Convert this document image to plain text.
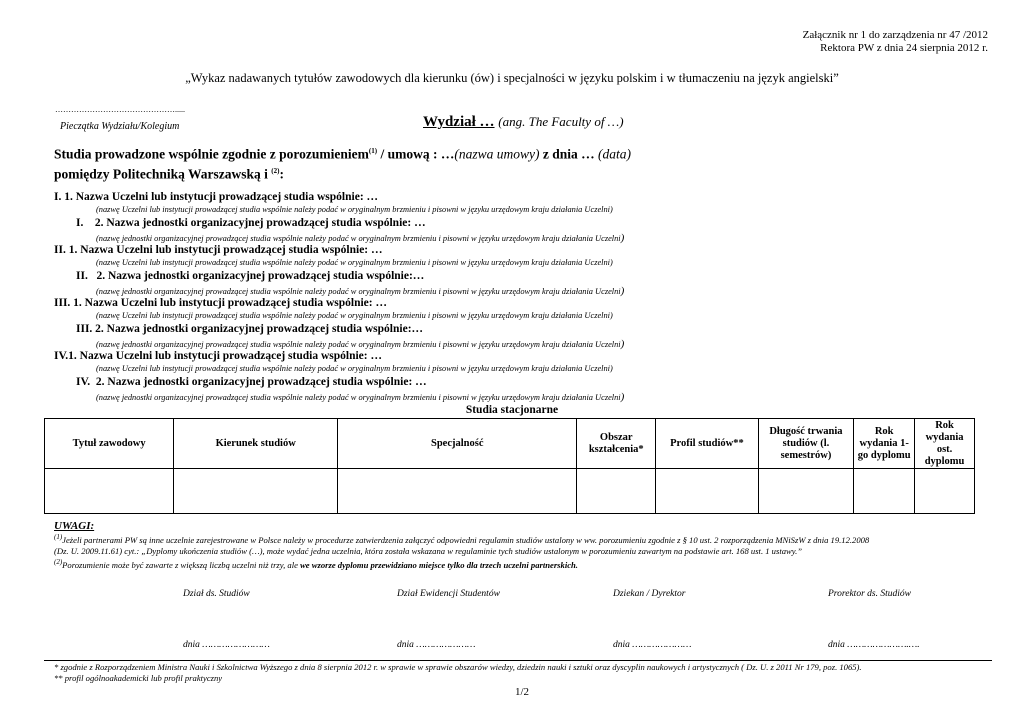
Załącznik nr 1 do zarządzenia nr 47 /2012
Rektora PW z dnia 24 sierpnia 2012 r.
„Wykaz nadawanych tytułów zawodowych dla kierunku (ów) i specjalności w języku polskim i w tłumaczeniu na język angielski”
……………………………………….....
Pieczątka Wydziału/Kolegium	Wydział … (ang. The Faculty of …)
Studia prowadzone wspólnie zgodnie z porozumieniem$^{(1)}$ / umową : …(nazwa umowy) z dnia … (data)
pomiędzy Politechniką Warszawską i $^{(2)}$:
I. 1. Nazwa Uczelni lub instytucji prowadzącej studia wspólnie: …
(nazwę Uczelni lub instytucji prowadzącej studia wspólnie należy podać w oryginalnym brzmieniu i pisowni w języku urzędowym kraju działania Uczelni)
I.    2. Nazwa jednostki organizacyjnej prowadzącej studia wspólnie: …
(nazwę jednostki organizacyjnej prowadzącej studia wspólnie należy podać w oryginalnym brzmieniu i pisowni w języku urzędowym kraju działania Uczelni)
II. 1. Nazwa Uczelni lub instytucji prowadzącej studia wspólnie: …
(nazwę Uczelni lub instytucji prowadzącej studia wspólnie należy podać w oryginalnym brzmieniu i pisowni w języku urzędowym kraju działania Uczelni)
II.   2. Nazwa jednostki organizacyjnej prowadzącej studia wspólnie:…
(nazwę jednostki organizacyjnej prowadzącej studia wspólnie należy podać w oryginalnym brzmieniu i pisowni w języku urzędowym kraju działania Uczelni)
III. 1. Nazwa Uczelni lub instytucji prowadzącej studia wspólnie: …
(nazwę Uczelni lub instytucji prowadzącej studia wspólnie należy podać w oryginalnym brzmieniu i pisowni w języku urzędowym kraju działania Uczelni)
III. 2. Nazwa jednostki organizacyjnej prowadzącej studia wspólnie:…
(nazwę jednostki organizacyjnej prowadzącej studia wspólnie należy podać w oryginalnym brzmieniu i pisowni w języku urzędowym kraju działania Uczelni)
IV.1. Nazwa Uczelni lub instytucji prowadzącej studia wspólnie: …
(nazwę Uczelni lub instytucji prowadzącej studia wspólnie należy podać w oryginalnym brzmieniu i pisowni w języku urzędowym kraju działania Uczelni)
IV.  2. Nazwa jednostki organizacyjnej prowadzącej studia wspólnie: …
(nazwę jednostki organizacyjnej prowadzącej studia wspólnie należy podać w oryginalnym brzmieniu i pisowni w języku urzędowym kraju działania Uczelni)
Studia stacjonarne
Tytuł zawodowy	Kierunek studiów	Specjalność	Obszar kształcenia*	Profil studiów**	Długość trwania studiów (l. semestrów)	Rok wydania 1-go dyplomu	Rok wydania ost. dyplomu

UWAGI:
$^{(1)}$Jeżeli partnerami PW są inne uczelnie zarejestrowane w Polsce należy w procedurze zatwierdzenia załączyć odpowiedni regulamin studiów ustalony w ww. porozumieniu zgodnie z § 10 ust. 2 rozporządzenia MNiSzW z dnia 19.12.2008
(Dz. U. 2009.11.61) cyt.: „Dyplomy ukończenia studiów (…), może wydać jedna uczelnia, która została wskazana w regulaminie tych studiów ustalonym w porozumieniu zawartym na podstawie art. 168 ust. 1 ustawy.”
$^{(2)}$Porozumienie może być zawarte z większą liczbą uczelni niż trzy, ale we wzorze dyplomu przewidziano miejsce tylko dla trzech uczelni partnerskich.
Dział ds. Studiów	Dział Ewidencji Studentów	Dziekan / Dyrektor	Prorektor ds. Studiów
dnia ……………………	dnia …………………	dnia …………………	dnia ………………….….
* zgodnie z Rozporządzeniem Ministra Nauki i Szkolnictwa Wyższego z dnia 8 sierpnia 2012 r. w sprawie w sprawie obszarów wiedzy, dziedzin nauki i sztuki oraz dyscyplin naukowych i artystycznych ( Dz. U. z 2011 Nr 179, poz. 1065).
** profil ogólnoakademicki lub profil praktyczny
1/2
